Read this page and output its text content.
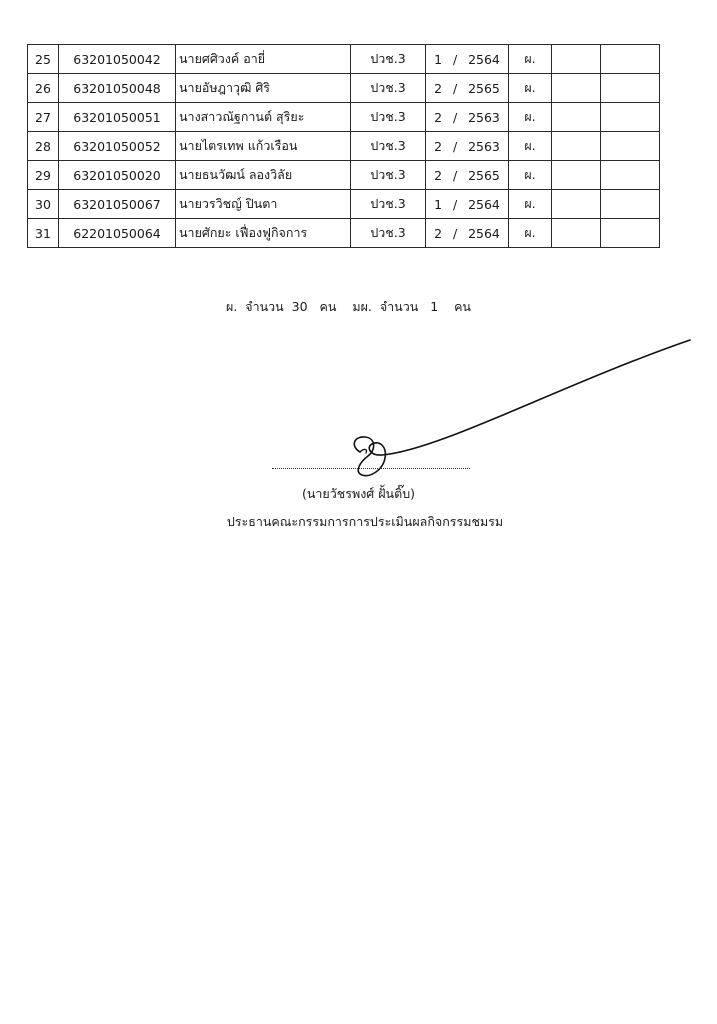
25	63201050042	นายศศิวงค์ อายี่	ปวช.3	1 / 2564	ผ.		
26	63201050048	นายอัษฎาวุฒิ ศิริ	ปวช.3	2 / 2565	ผ.		
27	63201050051	นางสาวณัฐกานต์ สุริยะ	ปวช.3	2 / 2563	ผ.		
28	63201050052	นายไตรเทพ แก้วเรือน	ปวช.3	2 / 2563	ผ.		
29	63201050020	นายธนวัฒน์ ลองวิลัย	ปวช.3	2 / 2565	ผ.		
30	63201050067	นายวรวิชญ์ ปินตา	ปวช.3	1 / 2564	ผ.		
31	62201050064	นายศักยะ เฟื่องฟูกิจการ	ปวช.3	2 / 2564	ผ.		
ผ. จำนวน 30 คน มผ. จำนวน 1 คน
(นายวัชรพงศ์ ฝั้นติ๊บ)
ประธานคณะกรรมการการประเมินผลกิจกรรมชมรม
